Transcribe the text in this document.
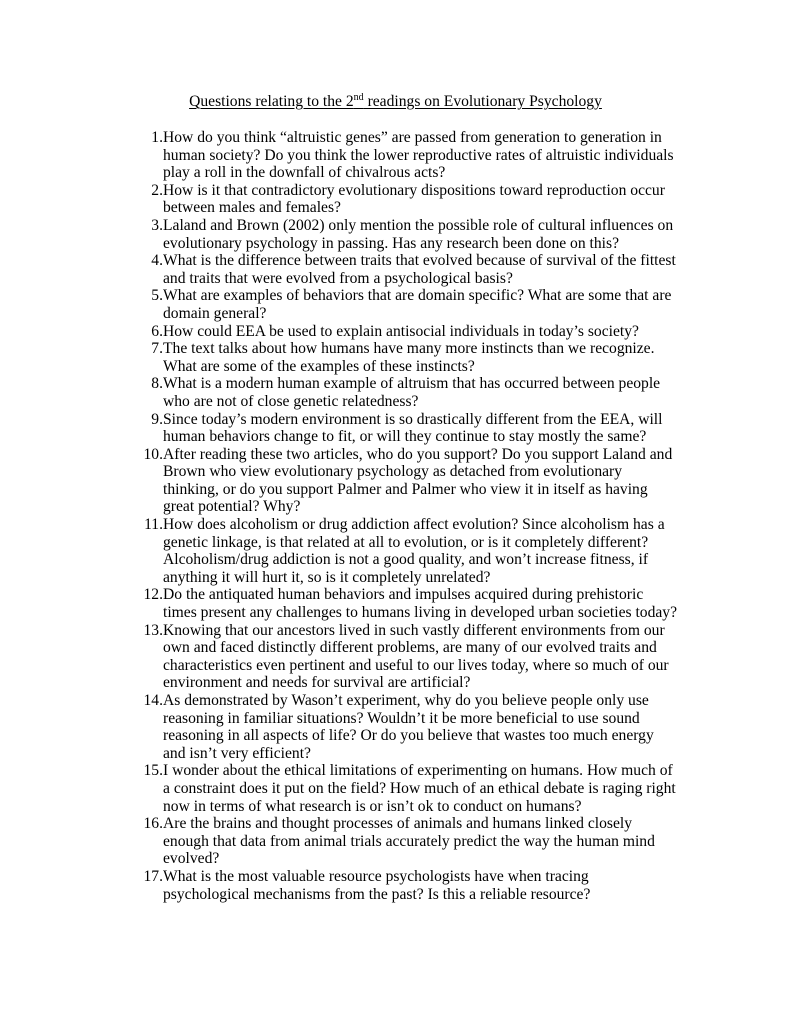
Questions relating to the 2nd readings on Evolutionary Psychology
1. How do you think “altruistic genes” are passed from generation to generation in
human society? Do you think the lower reproductive rates of altruistic individuals
play a roll in the downfall of chivalrous acts?
2. How is it that contradictory evolutionary dispositions toward reproduction occur
between males and females?
3. Laland and Brown (2002) only mention the possible role of cultural influences on
evolutionary psychology in passing. Has any research been done on this?
4. What is the difference between traits that evolved because of survival of the fittest
and traits that were evolved from a psychological basis?
5. What are examples of behaviors that are domain specific? What are some that are
domain general?
6. How could EEA be used to explain antisocial individuals in today’s society?
7. The text talks about how humans have many more instincts than we recognize.
What are some of the examples of these instincts?
8. What is a modern human example of altruism that has occurred between people
who are not of close genetic relatedness?
9. Since today’s modern environment is so drastically different from the EEA, will
human behaviors change to fit, or will they continue to stay mostly the same?
10. After reading these two articles, who do you support? Do you support Laland and
Brown who view evolutionary psychology as detached from evolutionary
thinking, or do you support Palmer and Palmer who view it in itself as having
great potential? Why?
11. How does alcoholism or drug addiction affect evolution? Since alcoholism has a
genetic linkage, is that related at all to evolution, or is it completely different?
Alcoholism/drug addiction is not a good quality, and won’t increase fitness, if
anything it will hurt it, so is it completely unrelated?
12. Do the antiquated human behaviors and impulses acquired during prehistoric
times present any challenges to humans living in developed urban societies today?
13. Knowing that our ancestors lived in such vastly different environments from our
own and faced distinctly different problems, are many of our evolved traits and
characteristics even pertinent and useful to our lives today, where so much of our
environment and needs for survival are artificial?
14. As demonstrated by Wason’t experiment, why do you believe people only use
reasoning in familiar situations? Wouldn’t it be more beneficial to use sound
reasoning in all aspects of life? Or do you believe that wastes too much energy
and isn’t very efficient?
15. I wonder about the ethical limitations of experimenting on humans. How much of
a constraint does it put on the field? How much of an ethical debate is raging right
now in terms of what research is or isn’t ok to conduct on humans?
16. Are the brains and thought processes of animals and humans linked closely
enough that data from animal trials accurately predict the way the human mind
evolved?
17. What is the most valuable resource psychologists have when tracing
psychological mechanisms from the past? Is this a reliable resource?
